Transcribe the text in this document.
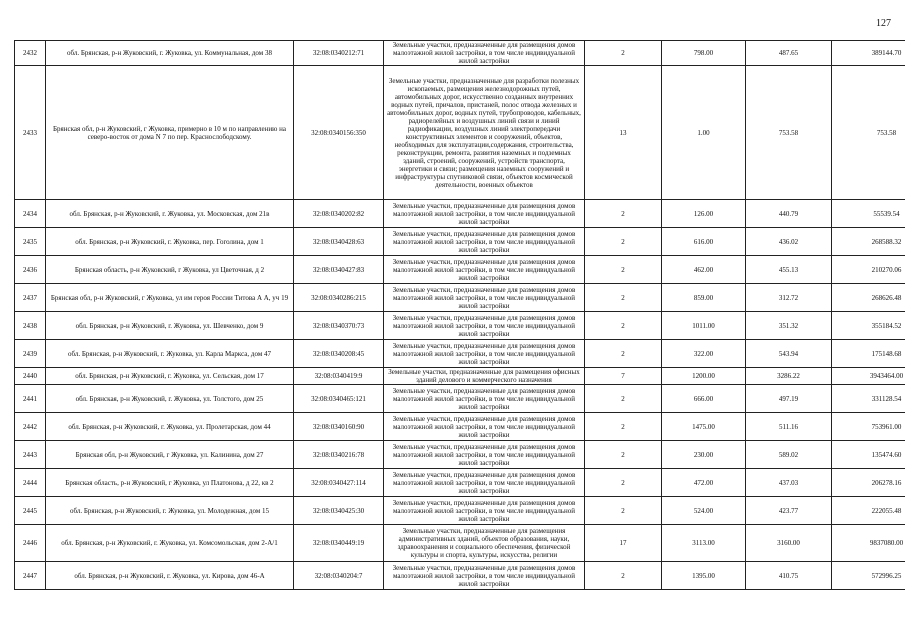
127
2432	обл. Брянская, р-н Жуковский, г. Жуковка, ул. Коммунальная, дом 38	32:08:0340212:71	Земельные участки, предназначенные для размещения домов малоэтажной жилой застройки, в том числе индивидуальной жилой застройки	2	798.00	487.65	389144.70
2433	Брянская обл, р-н Жуковский, г Жуковка, примерно в 10 м по направлению на северо-восток от дома N 7 по пер. Краснослободскому.	32:08:0340156:350	Земельные участки, предназначенные для разработки полезных ископаемых, размещения железнодорожных путей, автомобильных дорог, искусственно созданных внутренних водных путей, причалов, пристаней, полос отвода железных и автомобильных дорог, водных путей, трубопроводов, кабельных, радиорелейных и воздушных линий связи и линий радиофикации, воздушных линий электропередачи конструктивных элементов и сооружений, объектов, необходимых для эксплуатации,содержания, строительства, реконструкции, ремонта, развития наземных и подземных зданий, строений, сооружений, устройств транспорта, энергетики и связи; размещения наземных сооружений и инфраструктуры спутниковой связи, объектов космической деятельности, военных объектов	13	1.00	753.58	753.58
2434	обл. Брянская, р-н Жуковский, г. Жуковка, ул. Московская, дом 21в	32:08:0340202:82	Земельные участки, предназначенные для размещения домов малоэтажной жилой застройки, в том числе индивидуальной жилой застройки	2	126.00	440.79	55539.54
2435	обл. Брянская, р-н Жуковский, г. Жуковка, пер. Гоголина, дом 1	32:08:0340428:63	Земельные участки, предназначенные для размещения домов малоэтажной жилой застройки, в том числе индивидуальной жилой застройки	2	616.00	436.02	268588.32
2436	Брянская область, р-н Жуковский, г Жуковка, ул Цветочная, д 2	32:08:0340427:83	Земельные участки, предназначенные для размещения домов малоэтажной жилой застройки, в том числе индивидуальной жилой застройки	2	462.00	455.13	210270.06
2437	Брянская обл, р-н Жуковский, г Жуковка, ул им героя России Титова А А, уч 19	32:08:0340286:215	Земельные участки, предназначенные для размещения домов малоэтажной жилой застройки, в том числе индивидуальной жилой застройки	2	859.00	312.72	268626.48
2438	обл. Брянская, р-н Жуковский, г. Жуковка, ул. Шевченко, дом 9	32:08:0340370:73	Земельные участки, предназначенные для размещения домов малоэтажной жилой застройки, в том числе индивидуальной жилой застройки	2	1011.00	351.32	355184.52
2439	обл. Брянская, р-н Жуковский, г. Жуковка, ул. Карла Маркса, дом 47	32:08:0340208:45	Земельные участки, предназначенные для размещения домов малоэтажной жилой застройки, в том числе индивидуальной жилой застройки	2	322.00	543.94	175148.68
2440	обл. Брянская, р-н Жуковский, г. Жуковка, ул. Сельская, дом 17	32:08:0340419:9	Земельные участки, предназначенные для размещения офисных зданий делового и коммерческого назначения	7	1200.00	3286.22	3943464.00
2441	обл. Брянская, р-н Жуковский, г. Жуковка, ул. Толстого, дом 25	32:08:0340465:121	Земельные участки, предназначенные для размещения домов малоэтажной жилой застройки, в том числе индивидуальной жилой застройки	2	666.00	497.19	331128.54
2442	обл. Брянская, р-н Жуковский, г. Жуковка, ул. Пролетарская, дом 44	32:08:0340160:90	Земельные участки, предназначенные для размещения домов малоэтажной жилой застройки, в том числе индивидуальной жилой застройки	2	1475.00	511.16	753961.00
2443	Брянская обл, р-н Жуковский, г Жуковка, ул. Калинина, дом 27	32:08:0340216:78	Земельные участки, предназначенные для размещения домов малоэтажной жилой застройки, в том числе индивидуальной жилой застройки	2	230.00	589.02	135474.60
2444	Брянская область, р-н Жуковский, г Жуковка, ул Платонова, д 22, кв 2	32:08:0340427:114	Земельные участки, предназначенные для размещения домов малоэтажной жилой застройки, в том числе индивидуальной жилой застройки	2	472.00	437.03	206278.16
2445	обл. Брянская, р-н Жуковский, г. Жуковка, ул. Молодежная, дом 15	32:08:0340425:30	Земельные участки, предназначенные для размещения домов малоэтажной жилой застройки, в том числе индивидуальной жилой застройки	2	524.00	423.77	222055.48
2446	обл. Брянская, р-н Жуковский, г. Жуковка, ул. Комсомольская, дом 2-А/1	32:08:0340449:19	Земельные участки, предназначенные для размещения административных зданий, объектов образования, науки, здравоохранения и социального обеспечения, физической культуры и спорта, культуры, искусства, религии	17	3113.00	3160.00	9837080.00
2447	обл. Брянская, р-н Жуковский, г. Жуковка, ул. Кирова, дом 46-А	32:08:0340204:7	Земельные участки, предназначенные для размещения домов малоэтажной жилой застройки, в том числе индивидуальной жилой застройки	2	1395.00	410.75	572996.25
